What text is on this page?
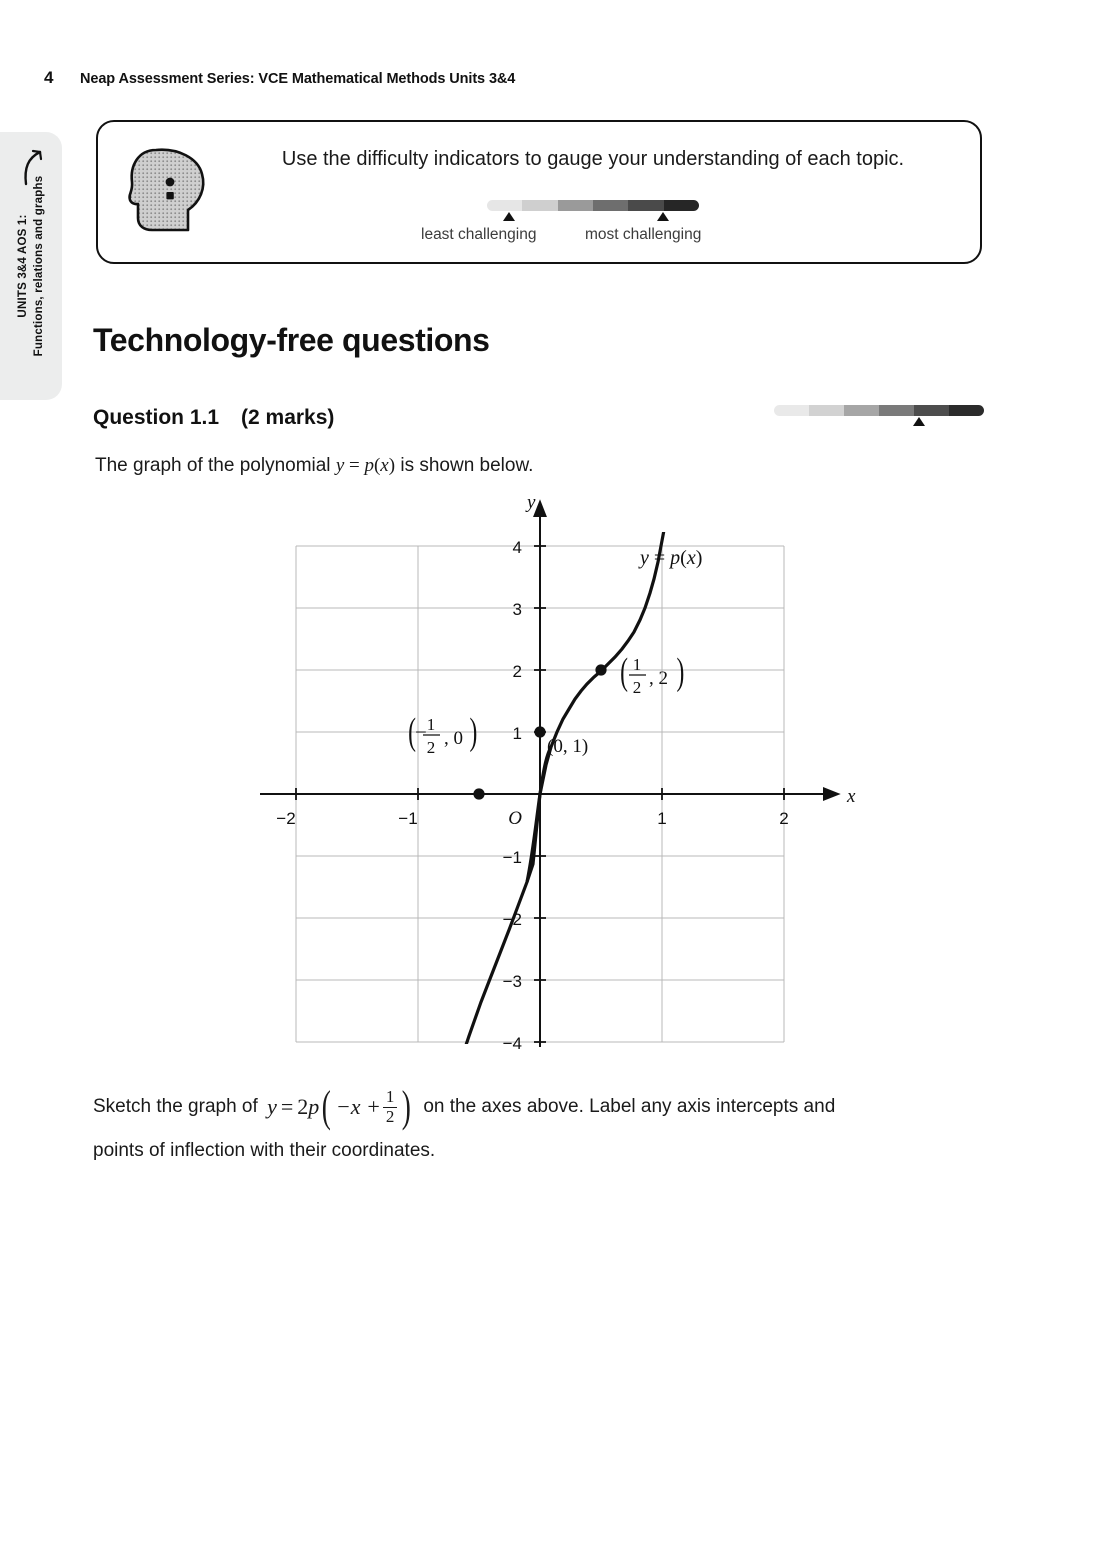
4	Neap Assessment Series: VCE Mathematical Methods Units 3&4
UNITS 3&4 AOS 1: Functions, relations and graphs
Use the difficulty indicators to gauge your understanding of each topic.
least challenging	most challenging
Technology-free questions
Question 1.1 (2 marks)
The graph of the polynomial y = p(x) is shown below.
x
y
−2	−1	1	2
4
3
2
1
−1
−2
−3
−4
O
( − 1
2 , 0 )	(0, 1)
( 1
2 , 2 )
y = p(x)
Sketch the graph of y = 2 p ( $-x + \frac{1}{2}$ ) on the axes above. Label any axis intercepts and
points of inflection with their coordinates.
